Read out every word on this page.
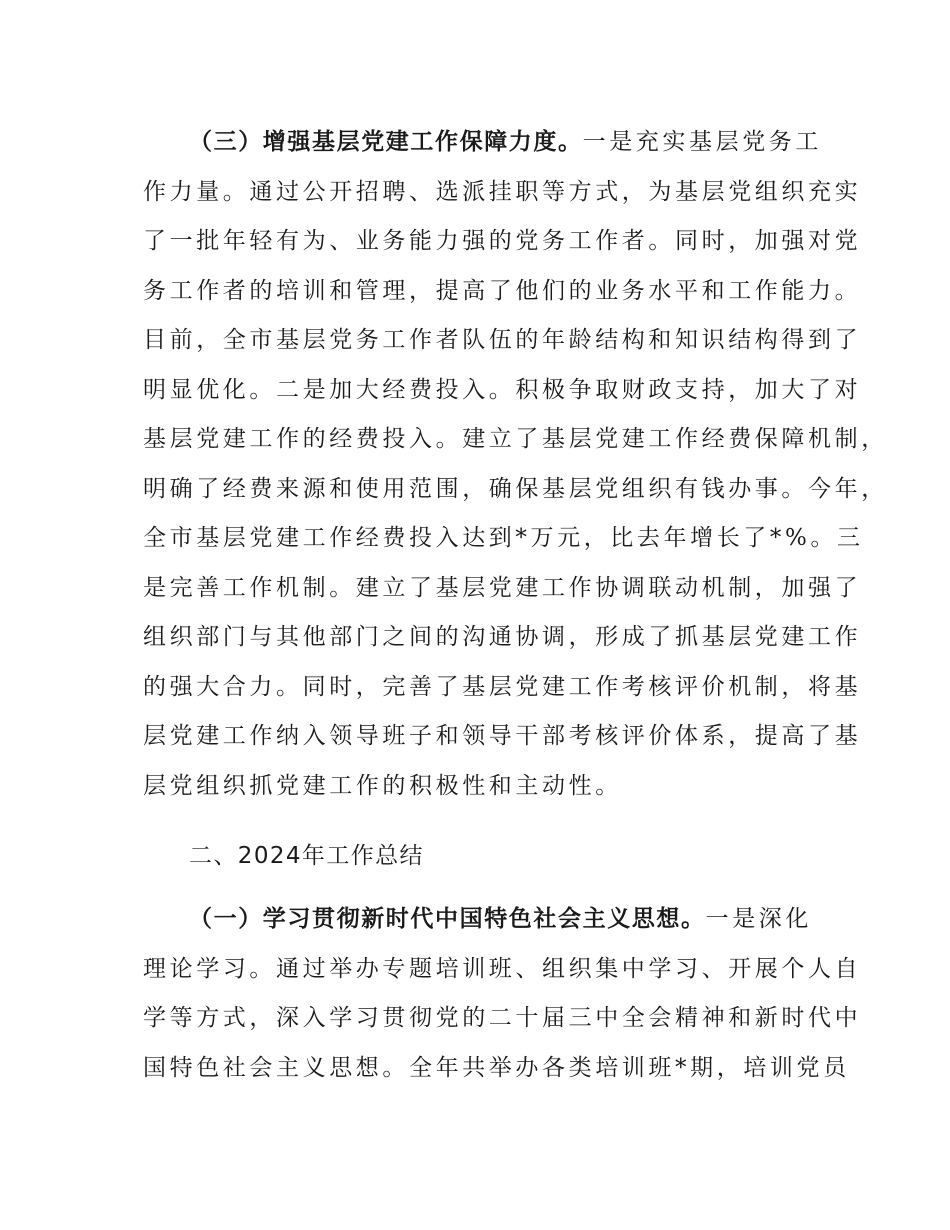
（三）增强基层党建工作保障力度。一是充实基层党务工
作力量。通过公开招聘、选派挂职等方式，为基层党组织充实
了一批年轻有为、业务能力强的党务工作者。同时，加强对党
务工作者的培训和管理，提高了他们的业务水平和工作能力。
目前，全市基层党务工作者队伍的年龄结构和知识结构得到了
明显优化。二是加大经费投入。积极争取财政支持，加大了对
基层党建工作的经费投入。建立了基层党建工作经费保障机制，
明确了经费来源和使用范围，确保基层党组织有钱办事。今年，
全市基层党建工作经费投入达到*万元，比去年增长了*%。三
是完善工作机制。建立了基层党建工作协调联动机制，加强了
组织部门与其他部门之间的沟通协调，形成了抓基层党建工作
的强大合力。同时，完善了基层党建工作考核评价机制，将基
层党建工作纳入领导班子和领导干部考核评价体系，提高了基
层党组织抓党建工作的积极性和主动性。
二、2024年工作总结
（一）学习贯彻新时代中国特色社会主义思想。一是深化
理论学习。通过举办专题培训班、组织集中学习、开展个人自
学等方式，深入学习贯彻党的二十届三中全会精神和新时代中
国特色社会主义思想。全年共举办各类培训班*期，培训党员
